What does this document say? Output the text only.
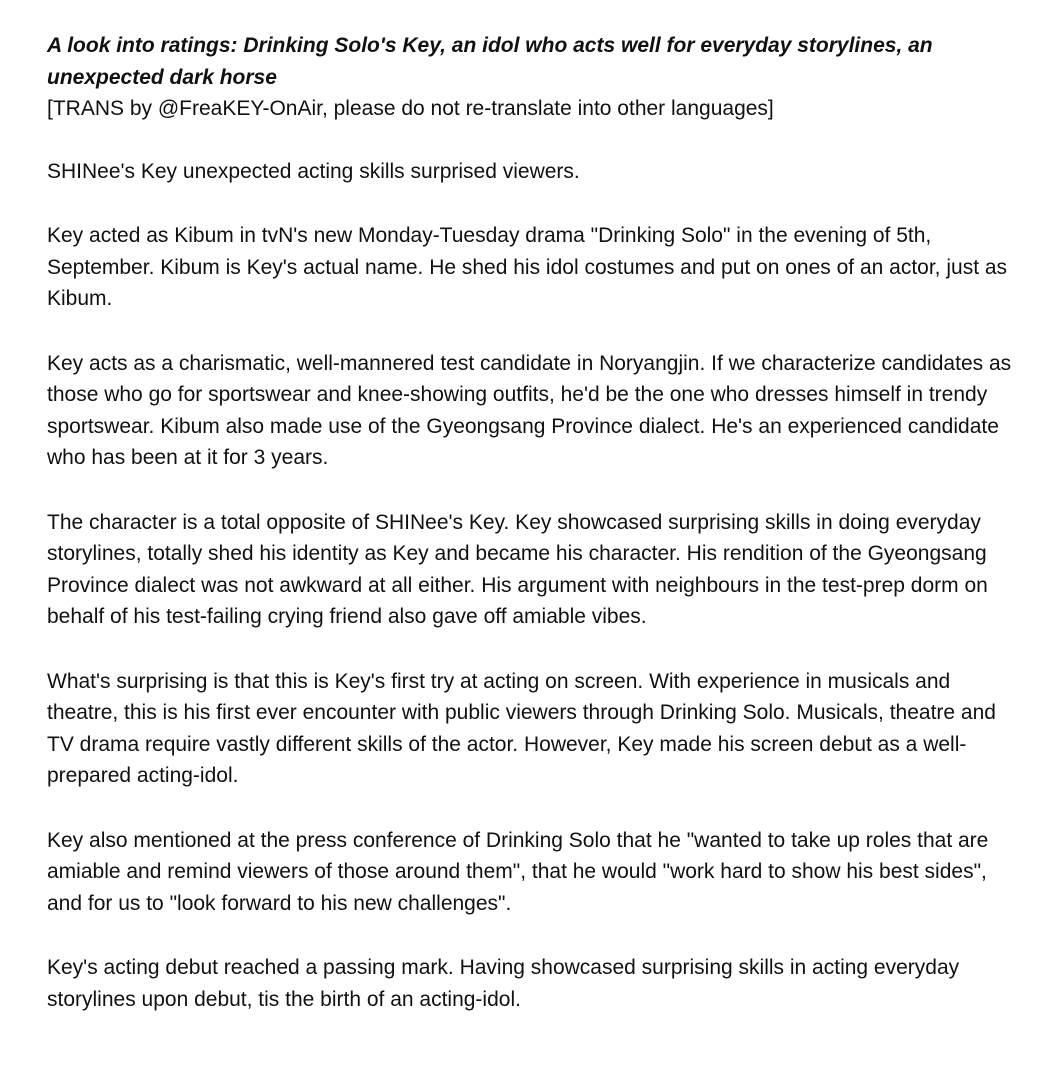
A look into ratings: Drinking Solo's Key, an idol who acts well for everyday storylines, an unexpected dark horse

[TRANS by @FreaKEY-OnAir, please do not re-translate into other languages]

SHINee's Key unexpected acting skills surprised viewers.

Key acted as Kibum in tvN's new Monday-Tuesday drama "Drinking Solo" in the evening of 5th, September. Kibum is Key's actual name. He shed his idol costumes and put on ones of an actor, just as Kibum.

Key acts as a charismatic, well-mannered test candidate in Noryangjin. If we characterize candidates as those who go for sportswear and knee-showing outfits, he'd be the one who dresses himself in trendy sportswear. Kibum also made use of the Gyeongsang Province dialect. He's an experienced candidate who has been at it for 3 years.

The character is a total opposite of SHINee's Key. Key showcased surprising skills in doing everyday storylines, totally shed his identity as Key and became his character. His rendition of the Gyeongsang Province dialect was not awkward at all either. His argument with neighbours in the test-prep dorm on behalf of his test-failing crying friend also gave off amiable vibes.

What's surprising is that this is Key's first try at acting on screen. With experience in musicals and theatre, this is his first ever encounter with public viewers through Drinking Solo. Musicals, theatre and TV drama require vastly different skills of the actor. However, Key made his screen debut as a well-prepared acting-idol.

Key also mentioned at the press conference of Drinking Solo that he "wanted to take up roles that are amiable and remind viewers of those around them", that he would "work hard to show his best sides", and for us to "look forward to his new challenges".

Key's acting debut reached a passing mark. Having showcased surprising skills in acting everyday storylines upon debut, tis the birth of an acting-idol.
